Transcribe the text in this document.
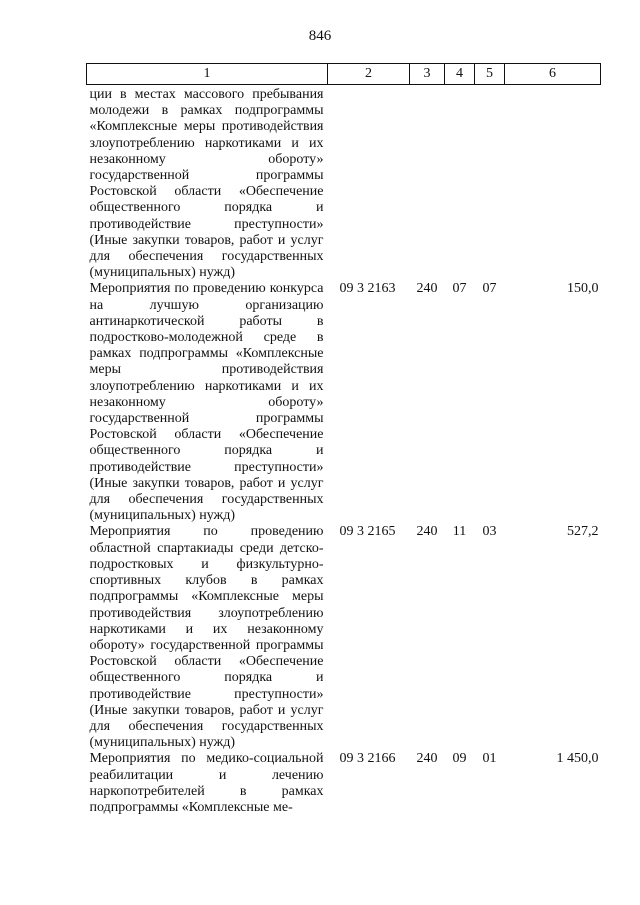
846
1	2	3	4	5	6
ции в местах массового пребывания молодежи в рамках подпрограммы «Комплексные меры противодействия злоупотреблению наркотиками и их незаконному обороту» государственной программы Ростовской области «Обеспечение общественного порядка и противодействие преступности» (Иные закупки товаров, работ и услуг для обеспечения государственных (муниципальных) нужд)					
Мероприятия по проведению конкурса на лучшую организацию антинаркотической работы в подростково-молодежной среде в рамках подпрограммы «Комплексные меры противодействия злоупотреблению наркотиками и их незаконному обороту» государственной программы Ростовской области «Обеспечение общественного порядка и противодействие преступности» (Иные закупки товаров, работ и услуг для обеспечения государственных (муниципальных) нужд)	09 3 2163	240	07	07	150,0
Мероприятия по проведению областной спартакиады среди детско-подростковых и физкультурно-спортивных клубов в рамках подпрограммы «Комплексные меры противодействия злоупотреблению наркотиками и их незаконному обороту» государственной программы Ростовской области «Обеспечение общественного порядка и противодействие преступности» (Иные закупки товаров, работ и услуг для обеспечения государственных (муниципальных) нужд)	09 3 2165	240	11	03	527,2
Мероприятия по медико-социальной реабилитации и лечению наркопотребителей в рамках подпрограммы «Комплексные ме-	09 3 2166	240	09	01	1 450,0
